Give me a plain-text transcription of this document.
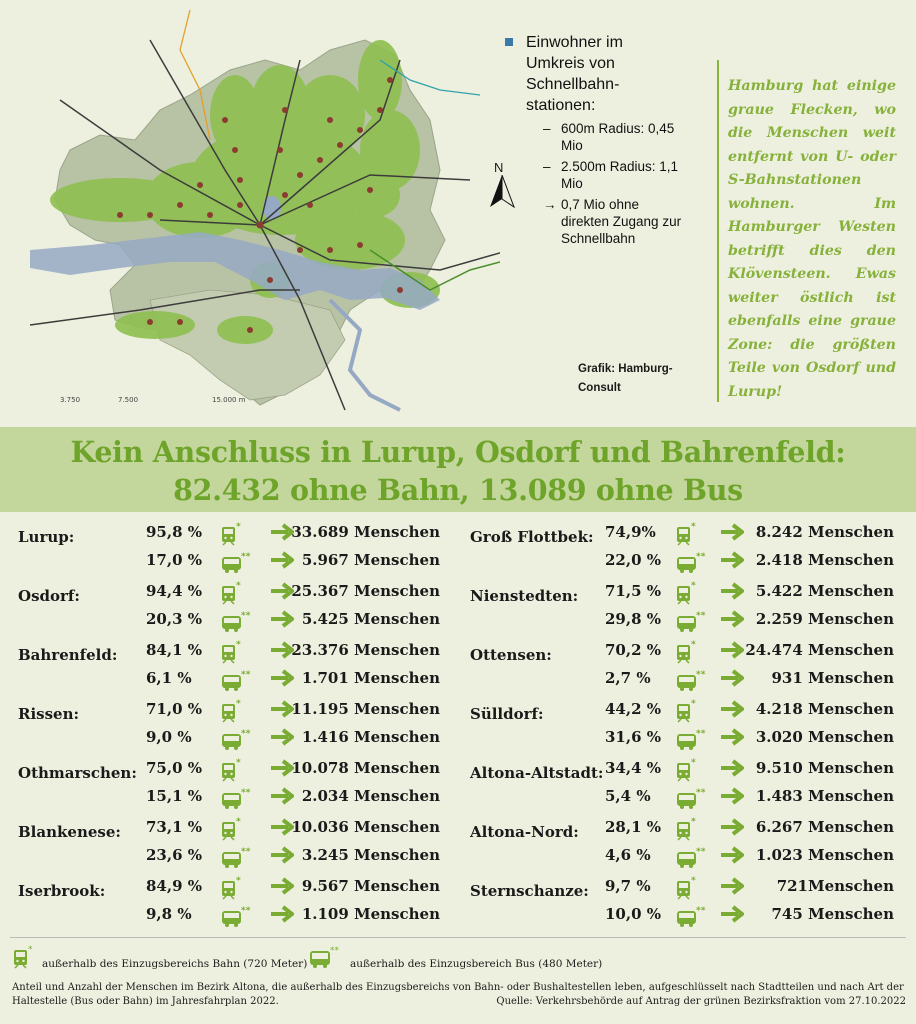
3.750	7.500	15.000 m
Einwohner im Umkreis von Schnellbahn-stationen:
– 600m Radius: 0,45 Mio
– 2.500m Radius: 1,1 Mio
→ 0,7 Mio ohne direkten Zugang zur Schnellbahn
N
Grafik: Hamburg-Consult
Hamburg hat einige graue Flecken, wo die Menschen weit entfernt von U- oder S-Bahnstationen wohnen. Im Hamburger Westen betrifft dies den Klövensteen. Ewas weiter östlich ist ebenfalls eine graue Zone: die größten Teile von Osdorf und Lurup!
Kein Anschluss in Lurup, Osdorf und Bahrenfeld:
82.432 ohne Bahn, 13.089 ohne Bus
Lurup:	95,8 %	*	33.689 Menschen
17,0 %	**	5.967 Menschen
Osdorf:	94,4 %	*	25.367 Menschen
20,3 %	**	5.425 Menschen
Bahrenfeld: 84,1 %	*	23.376 Menschen
6,1 %	**	1.701 Menschen
Rissen:	71,0 %	*	11.195 Menschen
9,0 %	**	1.416 Menschen
Othmarschen: 75,0 %	*	10.078 Menschen
15,1 %	**	2.034 Menschen
Blankenese: 73,1 %	*	10.036 Menschen
23,6 %	**	3.245 Menschen
Iserbrook:	84,9 %	*	9.567 Menschen
9,8 %	**	1.109 Menschen
Groß Flottbek: 74,9%	*	8.242 Menschen
22,0 %	**	2.418 Menschen
Nienstedten: 71,5 %	*	5.422 Menschen
29,8 %	**	2.259 Menschen
Ottensen:	70,2 %	*	24.474 Menschen
2,7 %	**	931 Menschen
Sülldorf:	44,2 %	*	4.218 Menschen
31,6 %	**	3.020 Menschen
Altona-Altstadt: 34,4 %	*	9.510 Menschen
5,4 %	**	1.483 Menschen
Altona-Nord: 28,1 %	*	6.267 Menschen
4,6 %	**	1.023 Menschen
Sternschanze: 9,7 %	*	721Menschen
10,0 %	**	745 Menschen
*
außerhalb des Einzugsbereichs Bahn (720 Meter)
**
außerhalb des Einzugsbereich Bus (480 Meter)
Anteil und Anzahl der Menschen im Bezirk Altona, die außerhalb des Einzugsbereichs von Bahn- oder Bushaltestellen leben, aufgeschlüsselt nach Stadtteilen und nach Art der Haltestelle (Bus oder Bahn) im Jahresfahrplan 2022.	Quelle: Verkehrsbehörde auf Antrag der grünen Bezirksfraktion vom 27.10.2022
